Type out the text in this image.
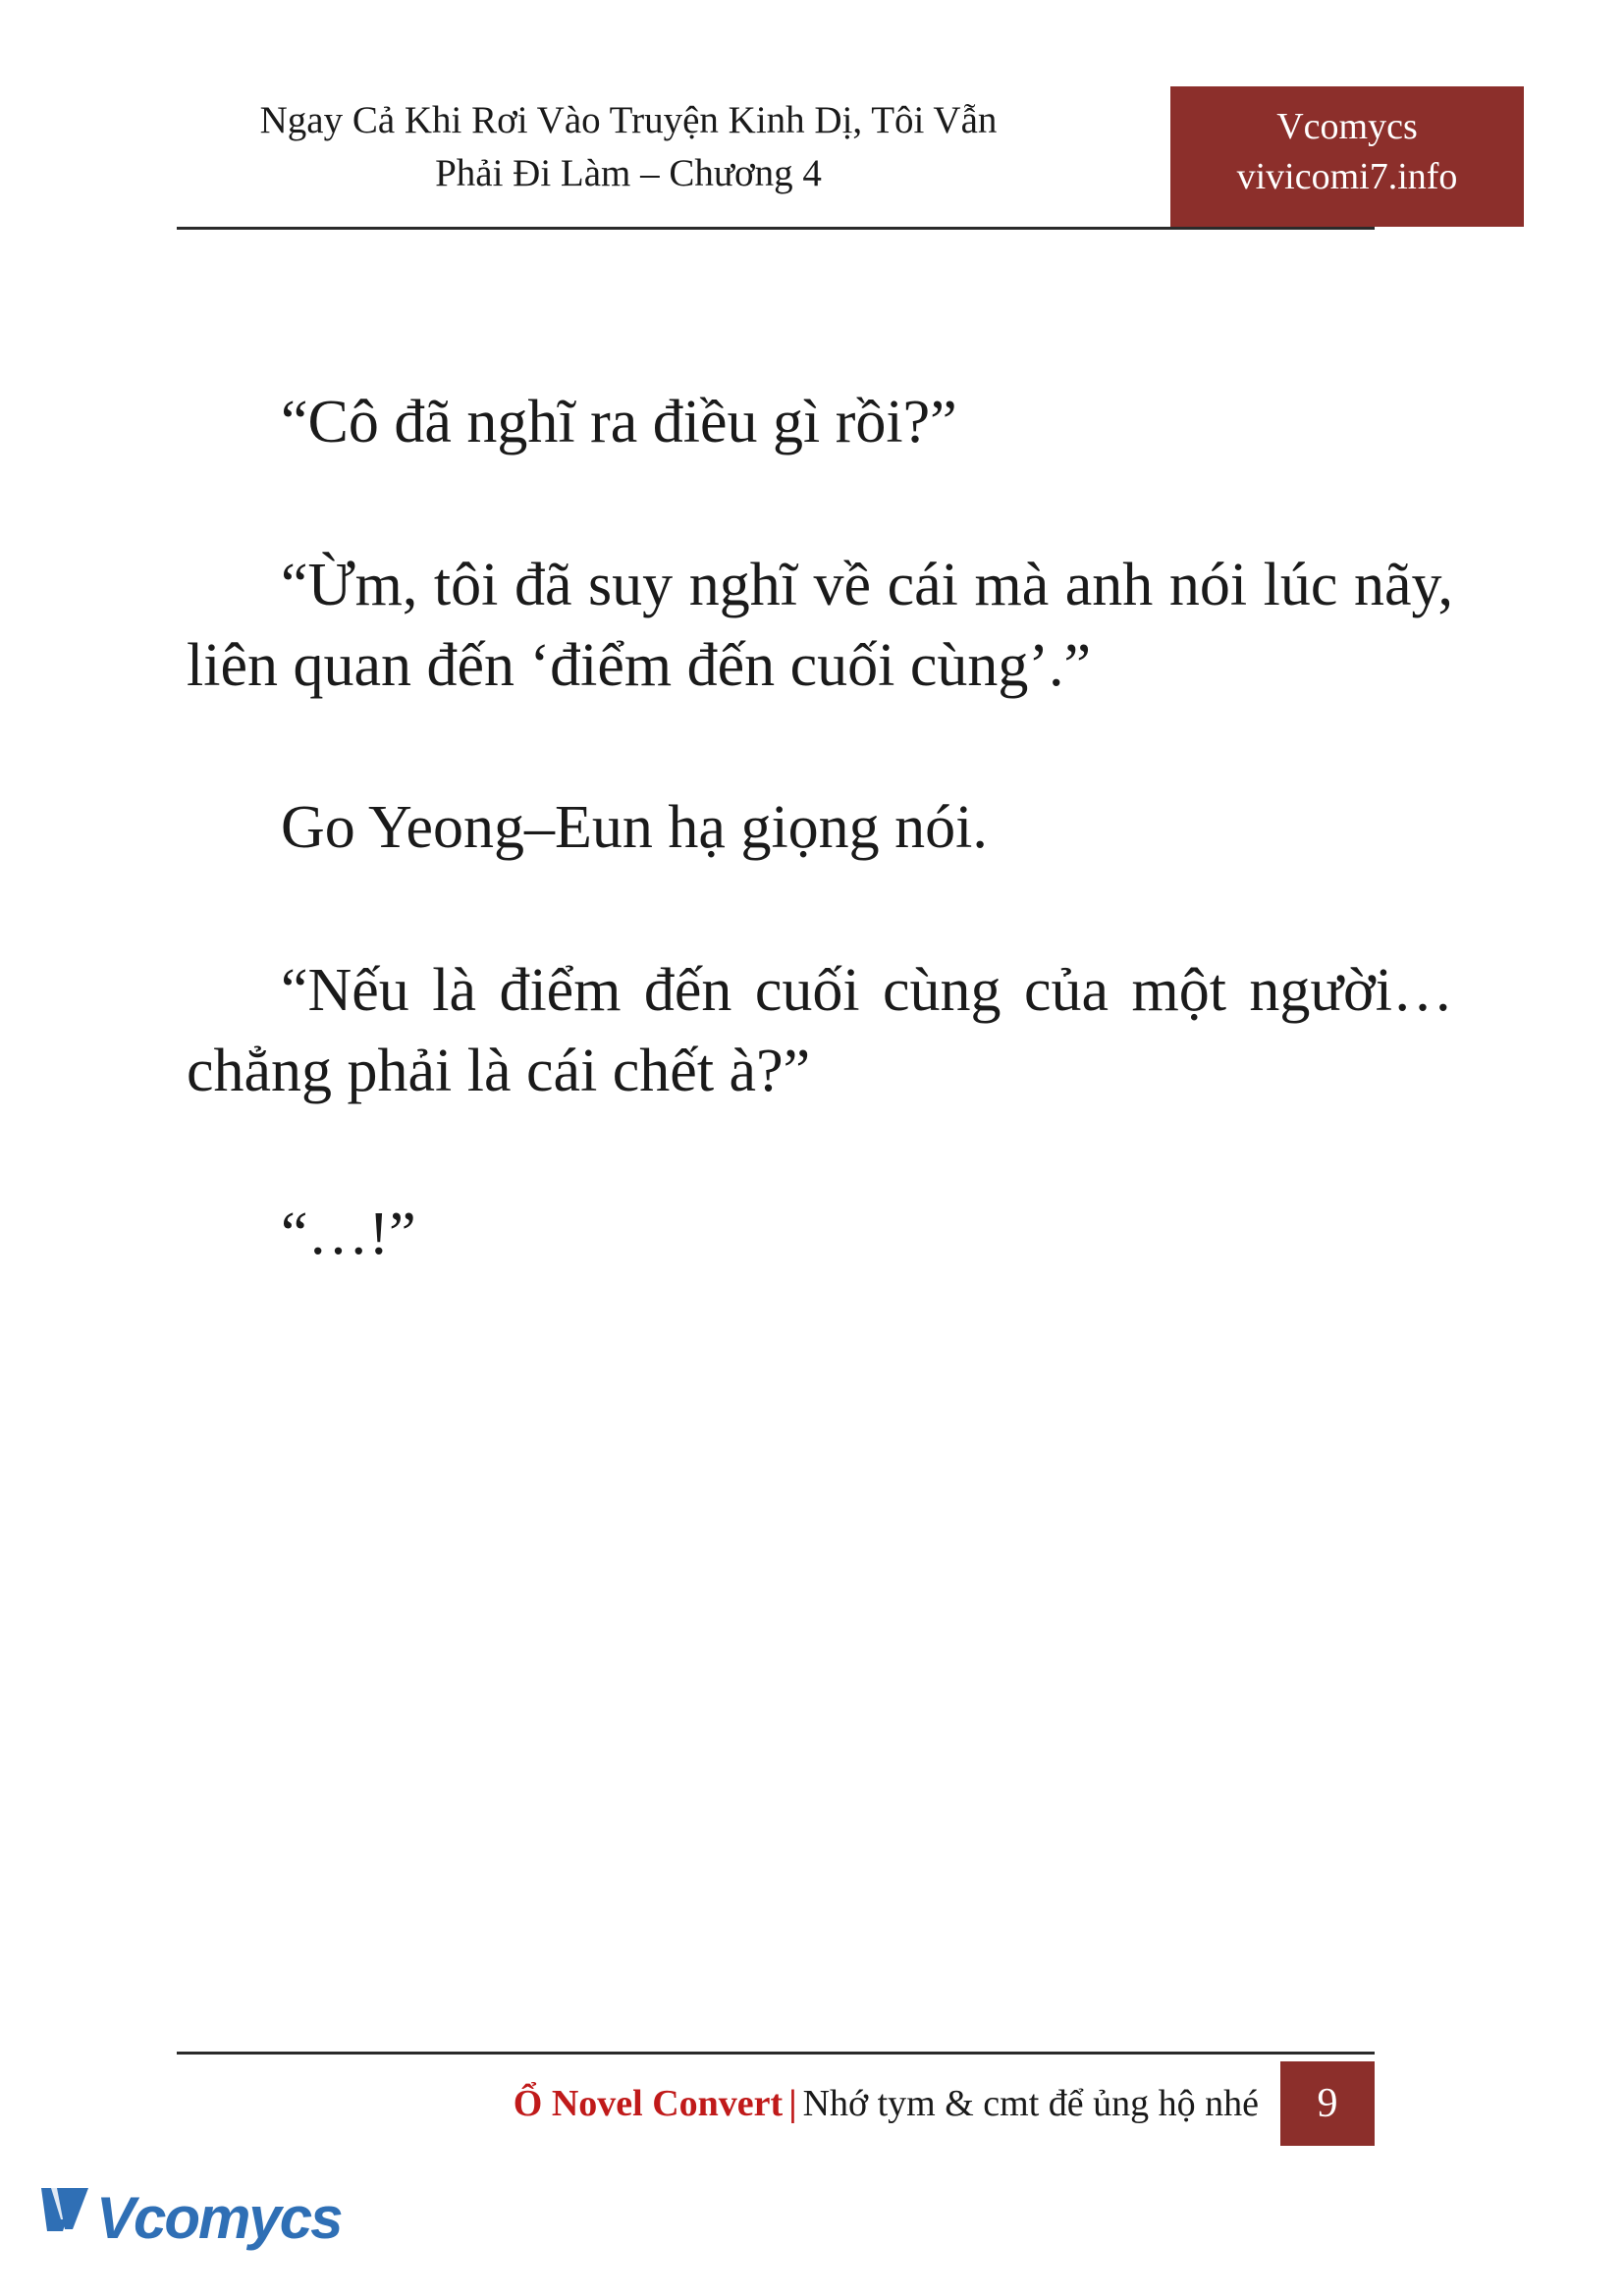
Ngay Cả Khi Rơi Vào Truyện Kinh Dị, Tôi Vẫn Phải Đi Làm – Chương 4
Vcomycs
vivicomi7.info

“Cô đã nghĩ ra điều gì rồi?”

“Ừm, tôi đã suy nghĩ về cái mà anh nói lúc nãy, liên quan đến ‘điểm đến cuối cùng’.”

Go Yeong–Eun hạ giọng nói.

“Nếu là điểm đến cuối cùng của một người… chẳng phải là cái chết à?”

“…!”

Ổ Novel Convert | Nhớ tym & cmt để ủng hộ nhé	9
Vcomycs
